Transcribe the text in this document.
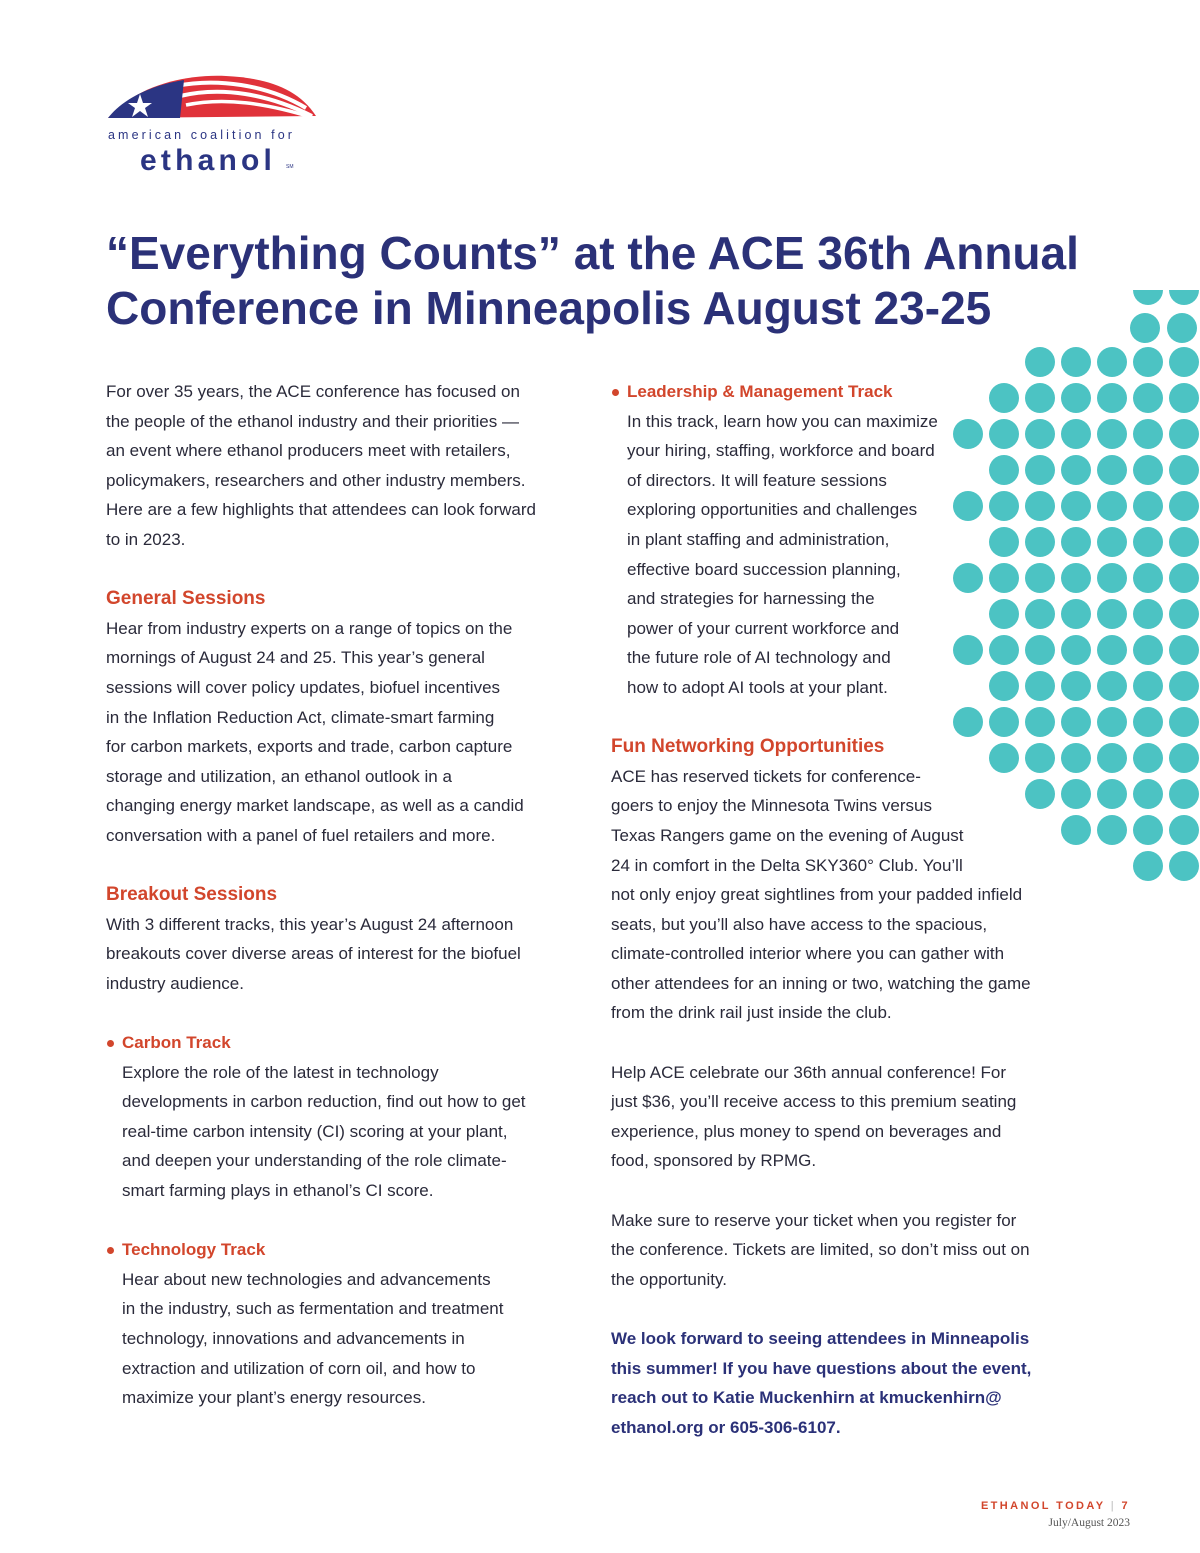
american coalition for
ethanol SM
“Everything Counts” at the ACE 36th Annual
Conference in Minneapolis August 23-25

For over 35 years, the ACE conference has focused on

the people of the ethanol industry and their priorities —

an event where ethanol producers meet with retailers,

policymakers, researchers and other industry members.

Here are a few highlights that attendees can look forward

to in 2023.

General Sessions

Hear from industry experts on a range of topics on the

mornings of August 24 and 25. This year’s general

sessions will cover policy updates, biofuel incentives

in the Inflation Reduction Act, climate-smart farming

for carbon markets, exports and trade, carbon capture

storage and utilization, an ethanol outlook in a

changing energy market landscape, as well as a candid

conversation with a panel of fuel retailers and more.

Breakout Sessions

With 3 different tracks, this year’s August 24 afternoon

breakouts cover diverse areas of interest for the biofuel

industry audience.

Carbon Track

Explore the role of the latest in technology

developments in carbon reduction, find out how to get

real-time carbon intensity (CI) scoring at your plant,

and deepen your understanding of the role climate-

smart farming plays in ethanol’s CI score.

Technology Track

Hear about new technologies and advancements

in the industry, such as fermentation and treatment

technology, innovations and advancements in

extraction and utilization of corn oil, and how to

maximize your plant’s energy resources.

Leadership & Management Track

In this track, learn how you can maximize

your hiring, staffing, workforce and board

of directors. It will feature sessions

exploring opportunities and challenges

in plant staffing and administration,

effective board succession planning,

and strategies for harnessing the

power of your current workforce and

the future role of AI technology and

how to adopt AI tools at your plant.

Fun Networking Opportunities

ACE has reserved tickets for conference-

goers to enjoy the Minnesota Twins versus

Texas Rangers game on the evening of August

24 in comfort in the Delta SKY360° Club. You’ll

not only enjoy great sightlines from your padded infield

seats, but you’ll also have access to the spacious,

climate-controlled interior where you can gather with

other attendees for an inning or two, watching the game

from the drink rail just inside the club.

Help ACE celebrate our 36th annual conference! For

just $36, you’ll receive access to this premium seating

experience, plus money to spend on beverages and

food, sponsored by RPMG.

Make sure to reserve your ticket when you register for

the conference. Tickets are limited, so don’t miss out on

the opportunity.

We look forward to seeing attendees in Minneapolis

this summer! If you have questions about the event,

reach out to Katie Muckenhirn at kmuckenhirn@

ethanol.org or 605-306-6107.

ETHANOL TODAY | 7
July/August 2023
